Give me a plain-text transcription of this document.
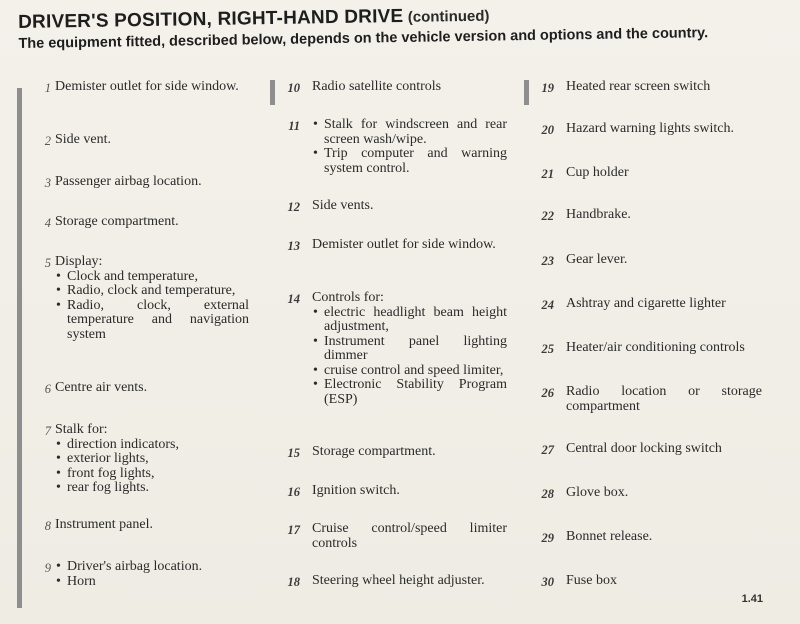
DRIVER'S POSITION, RIGHT-HAND DRIVE (continued)
The equipment fitted, described below, depends on the vehicle version and options and the country.
1 Demister outlet for side window.
2 Side vent.
3 Passenger airbag location.
4 Storage compartment.
5 Display:
• Clock and temperature,
• Radio, clock and temperature,
• Radio, clock, external temperature and navigation system
6 Centre air vents.
7 Stalk for:
• direction indicators,
• exterior lights,
• front fog lights,
• rear fog lights.
8 Instrument panel.
9	• Driver's airbag location.
• Horn
10 Radio satellite controls
11	• Stalk for windscreen and rear screen wash/wipe.
• Trip computer and warning system control.
12 Side vents.
13 Demister outlet for side window.
14 Controls for:
• electric headlight beam height adjustment,
• Instrument panel lighting dimmer
• cruise control and speed limiter,
• Electronic Stability Program (ESP)
15 Storage compartment.
16 Ignition switch.
17 Cruise control/speed limiter controls
18 Steering wheel height adjuster.
19 Heated rear screen switch
20 Hazard warning lights switch.
21 Cup holder
22 Handbrake.
23 Gear lever.
24 Ashtray and cigarette lighter
25 Heater/air conditioning controls
26 Radio location or storage compartment
27 Central door locking switch
28 Glove box.
29 Bonnet release.
30 Fuse box
1.41
